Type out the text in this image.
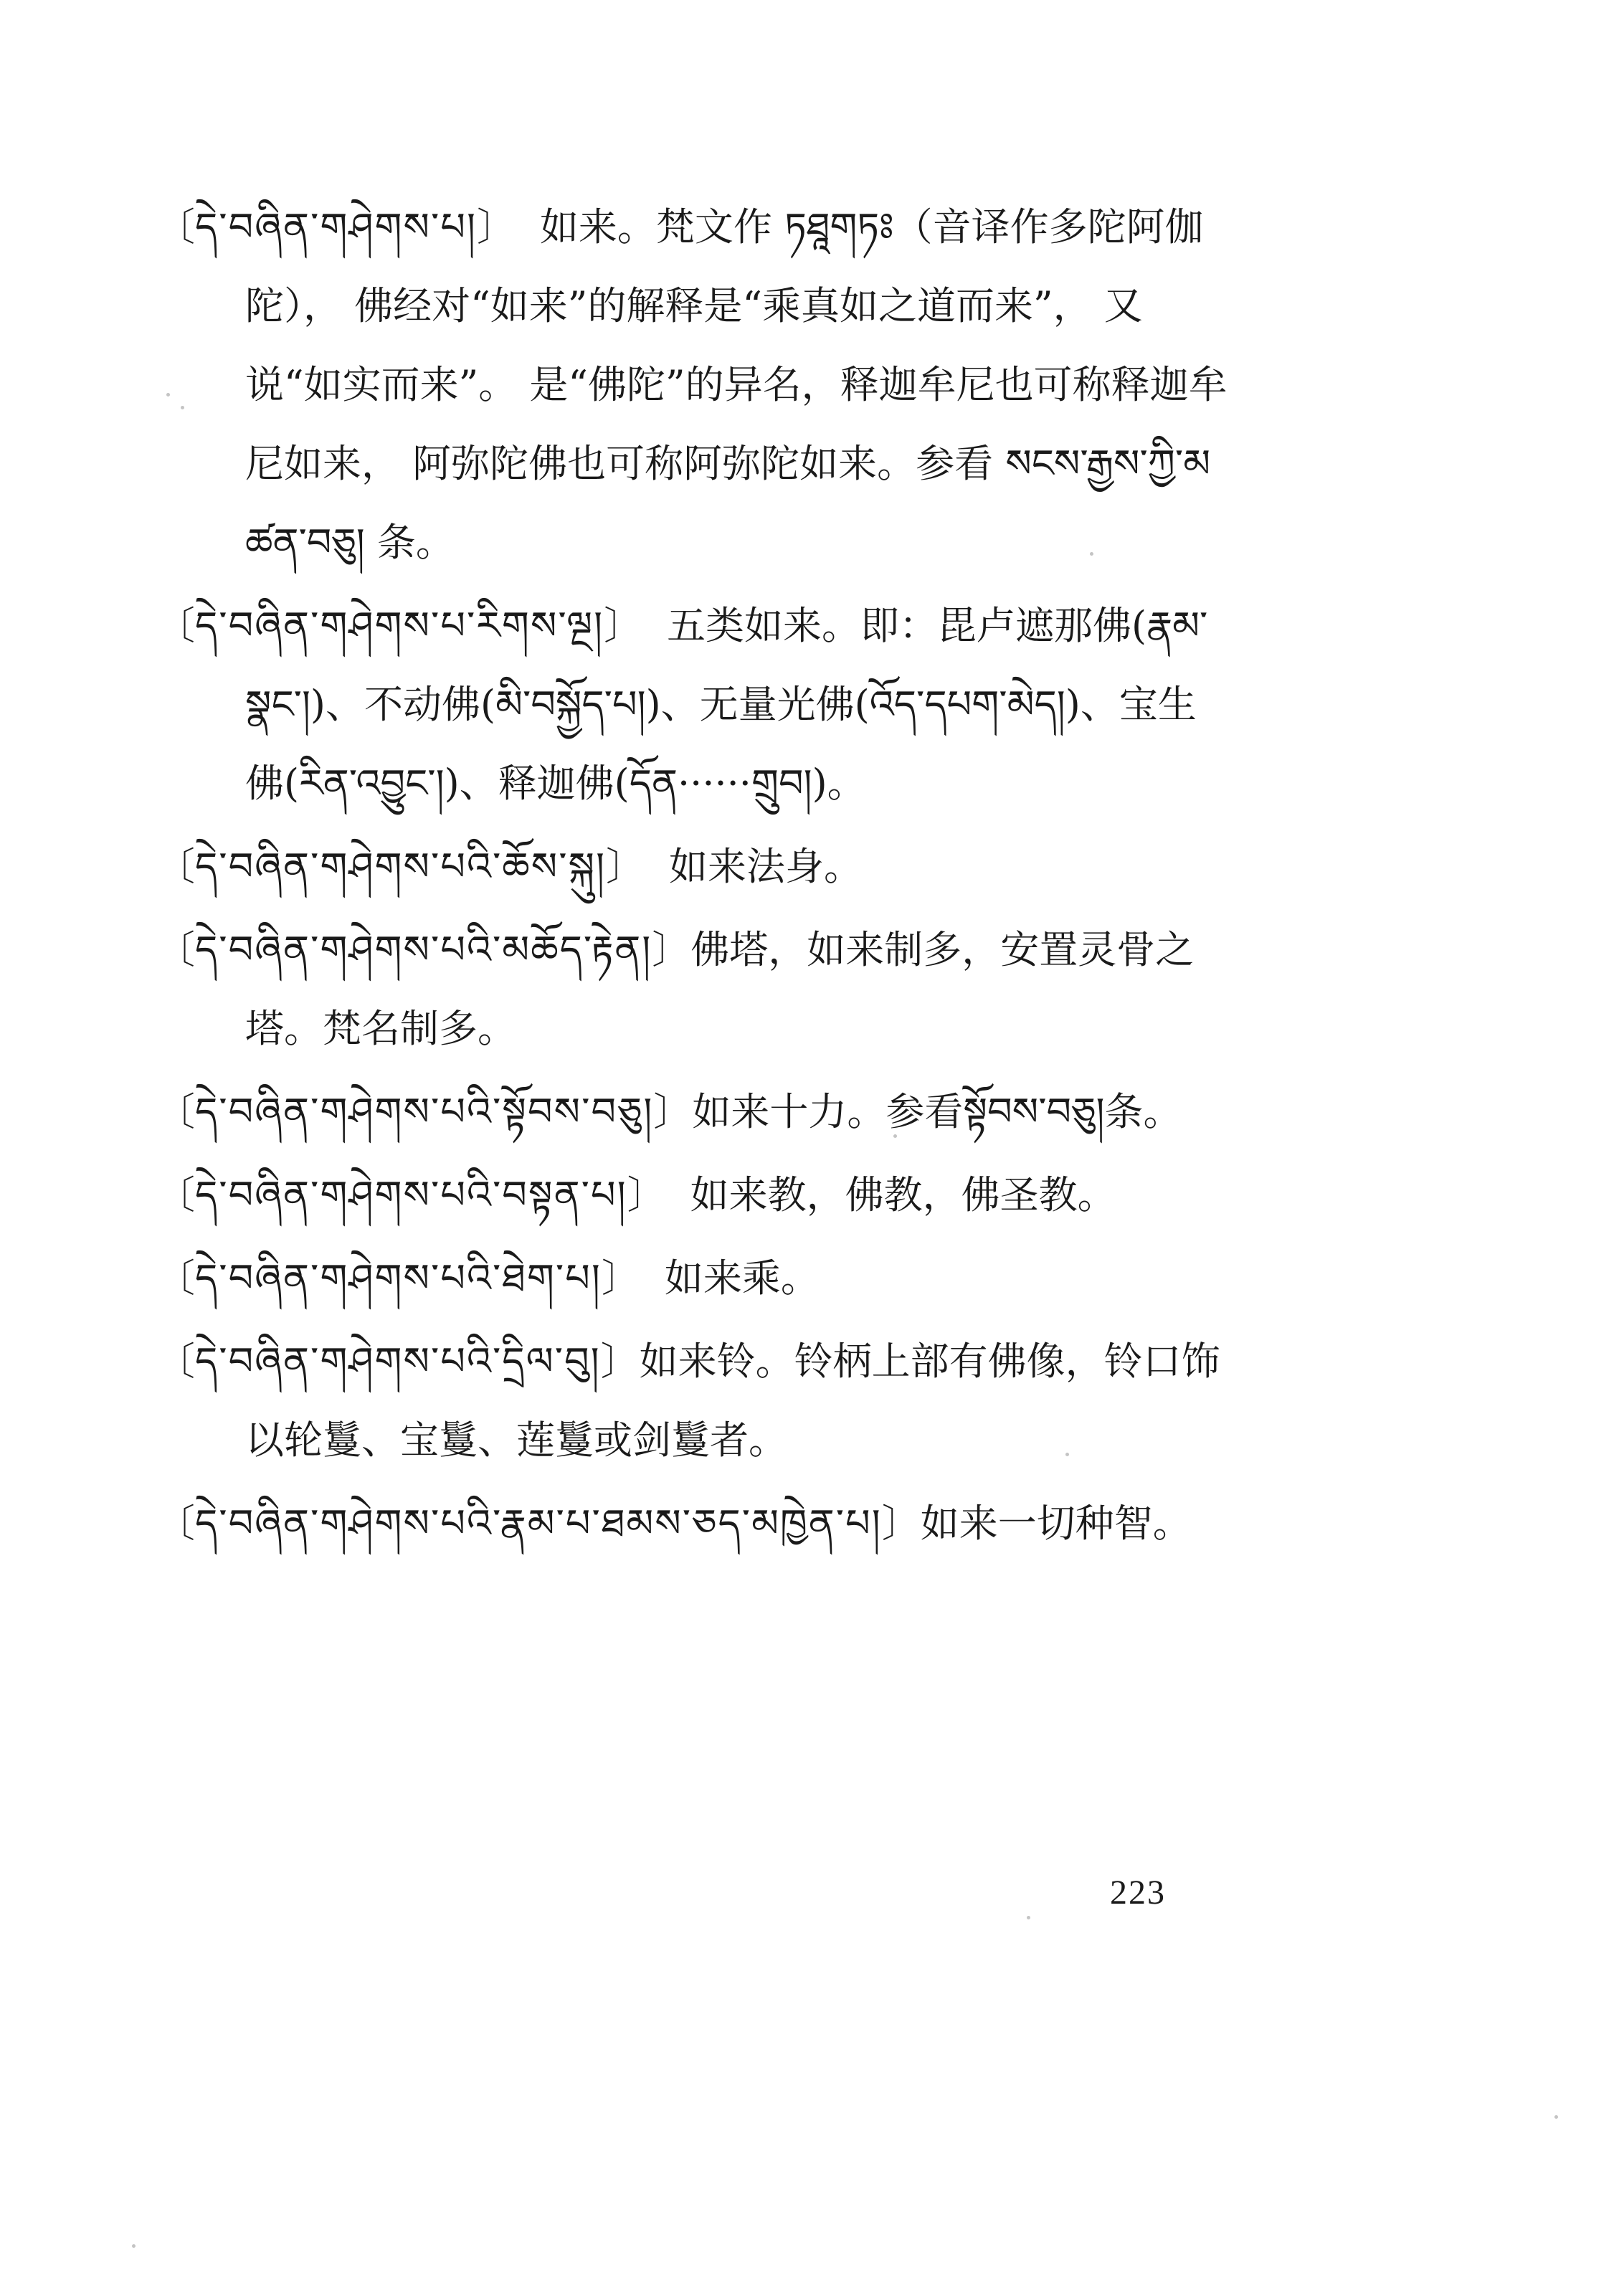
〔དེ་བཞིན་གཤེགས་པ།〕 如来。梵文作 ཏཐཱགཏཿ（音译作多陀阿伽陀）， 佛经对“如来”的解释是“乘真如之道而来”， 又说“如实而来”。 是“佛陀”的异名，释迦牟尼也可称释迦牟尼如来， 阿弥陀佛也可称阿弥陀如来。参看 སངས་རྒྱས་ཀྱི་མཚན་བཅུ། 条。

〔དེ་བཞིན་གཤེགས་པ་རིགས་ལྔ།〕 五类如来。即：毘卢遮那佛(རྣམ་སྣང་།)、不动佛(མི་བསྐྱོད་པ།)、无量光佛(འོད་དཔག་མེད།)、宝生佛(རིན་འབྱུང་།)、释迦佛(དོན······གྲུབ།)。

〔དེ་བཞིན་གཤེགས་པའི་ཆོས་སྐུ།〕 如来法身。

〔དེ་བཞིན་གཤེགས་པའི་མཆོད་རྟེན།〕佛塔，如来制多，安置灵骨之塔。梵名制多。

〔དེ་བཞིན་གཤེགས་པའི་སྟོབས་བཅུ།〕如来十力。参看སྟོབས་བཅུ།条。

〔དེ་བཞིན་གཤེགས་པའི་བསྟན་པ།〕 如来教，佛教，佛圣教。

〔དེ་བཞིན་གཤེགས་པའི་ཐེག་པ།〕 如来乘。

〔དེ་བཞིན་གཤེགས་པའི་དྲིལ་བུ།〕如来铃。铃柄上部有佛像，铃口饰以轮鬘、宝鬘、莲鬘或剑鬘者。

〔དེ་བཞིན་གཤེགས་པའི་རྣམ་པ་ཐམས་ཅད་མཁྱེན་པ།〕如来一切种智。

223
